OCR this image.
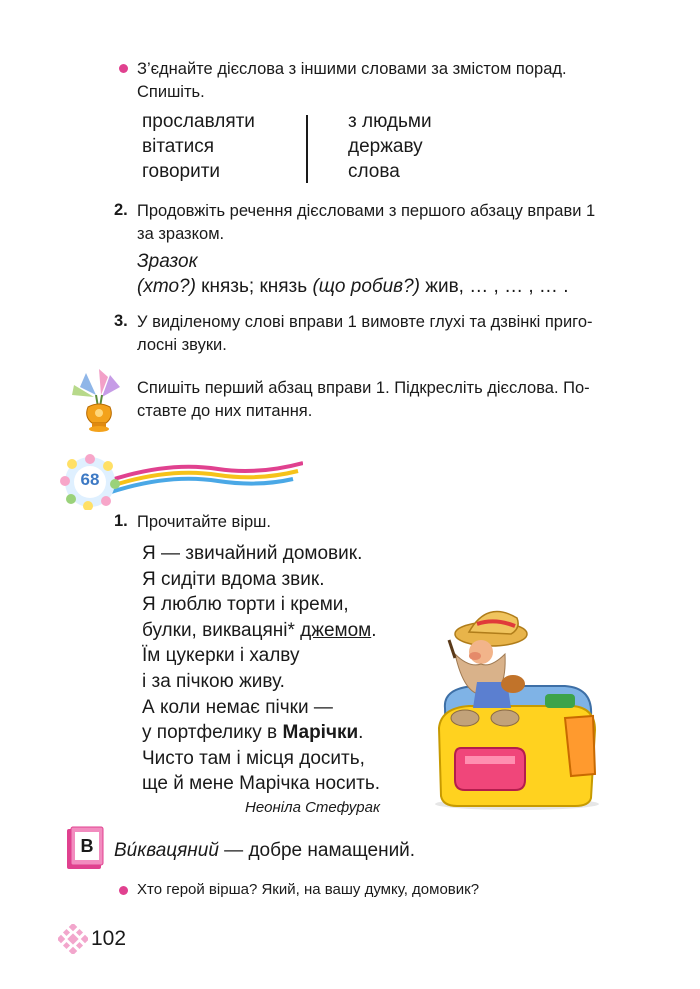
З’єднайте дієслова з іншими словами за змістом порад.
Спишіть.
прославляти
вітатися
говорити
з людьми
державу
слова
2. Продовжіть речення дієсловами з першого абзацу вправи 1
за зразком.
Зразок
(хто?) князь; князь (що робив?) жив, … , … , … .
3. У виділеному слові вправи 1 вимовте глухі та дзвінкі приго-
лосні звуки.
Спишіть перший абзац вправи 1. Підкресліть дієслова. По-
ставте до них питання.
68
1. Прочитайте вірш.
Я — звичайний домовик.
Я сидіти вдома звик.
Я люблю торти і креми,
булки, виквацяні* джемом.
Їм цукерки і халву
і за пічкою живу.
А коли немає пічки —
у портфелику в Марічки.
Чисто там і місця досить,
ще й мене Марічка носить.
Неоніла Стефурак
В Ви́квацяний — добре намащений.
Хто герой вірша? Який, на вашу думку, домовик?
102
